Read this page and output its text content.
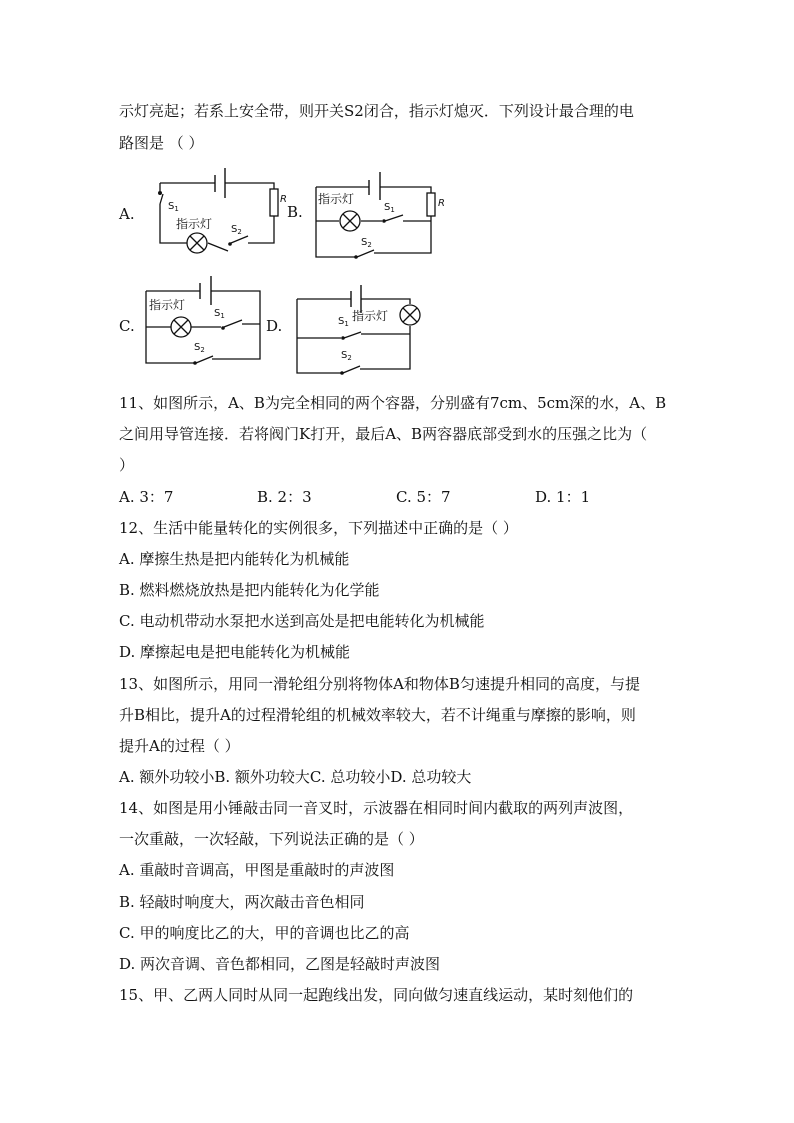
示灯亮起；若系上安全带，则开关S2闭合，指示灯熄灭．下列设计最合理的电
路图是 （ ）
A.	B.
C.	D.
R
$S_1$
指示灯 $S_2$
R
指示灯
$S_1$
$S_2$
指示灯
$S_1$
$S_2$
指示灯
$S_1$
$S_2$
11、如图所示，A、B为完全相同的两个容器，分别盛有7cm、5cm深的水，A、B
之间用导管连接．若将阀门K打开，最后A、B两容器底部受到水的压强之比为（
）
A. 3：7	B. 2：3	C. 5：7	D. 1：1
12、生活中能量转化的实例很多，下列描述中正确的是（ ）
A. 摩擦生热是把内能转化为机械能
B. 燃料燃烧放热是把内能转化为化学能
C. 电动机带动水泵把水送到高处是把电能转化为机械能
D. 摩擦起电是把电能转化为机械能
13、如图所示，用同一滑轮组分别将物体A和物体B匀速提升相同的高度，与提
升B相比，提升A的过程滑轮组的机械效率较大，若不计绳重与摩擦的影响，则
提升A的过程（ ）
A. 额外功较小B. 额外功较大C. 总功较小D. 总功较大
14、如图是用小锤敲击同一音叉时，示波器在相同时间内截取的两列声波图，
一次重敲，一次轻敲，下列说法正确的是（ ）
A. 重敲时音调高，甲图是重敲时的声波图
B. 轻敲时响度大，两次敲击音色相同
C. 甲的响度比乙的大，甲的音调也比乙的高
D. 两次音调、音色都相同，乙图是轻敲时声波图
15、甲、乙两人同时从同一起跑线出发，同向做匀速直线运动，某时刻他们的
